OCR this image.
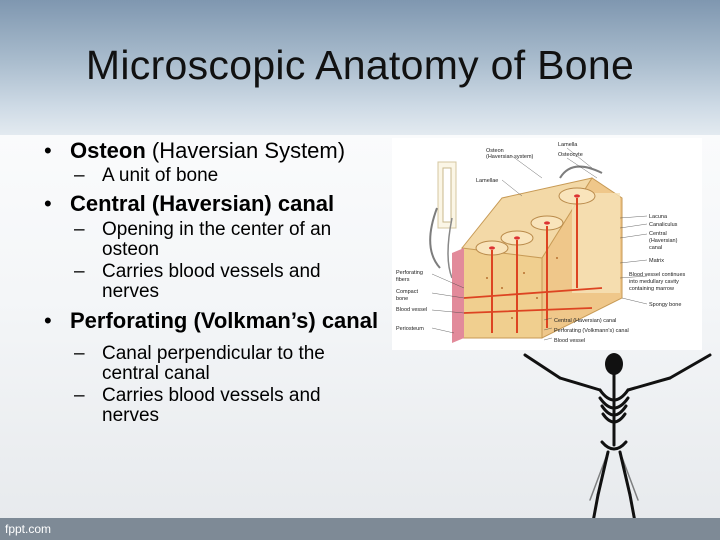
Microscopic Anatomy of Bone
• Osteon (Haversian System)
– A unit of bone
• Central (Haversian) canal
– Opening in the center of an osteon
– Carries blood vessels and nerves
• Perforating (Volkman’s) canal
– Canal perpendicular to the central canal
– Carries blood vessels and nerves
Osteon
(Haversian system)
Lamella
Osteocyte
Lamellae
Lacuna
Canaliculus
Central
(Haversian)
canal
Matrix
Blood vessel continues
into medullary cavity
containing marrow
Spongy bone
Central (Haversian) canal
Perforating (Volkmann's) canal
Blood vessel
Perforating
fibers
Compact
bone
Blood vessel
Periosteum
fppt.com
